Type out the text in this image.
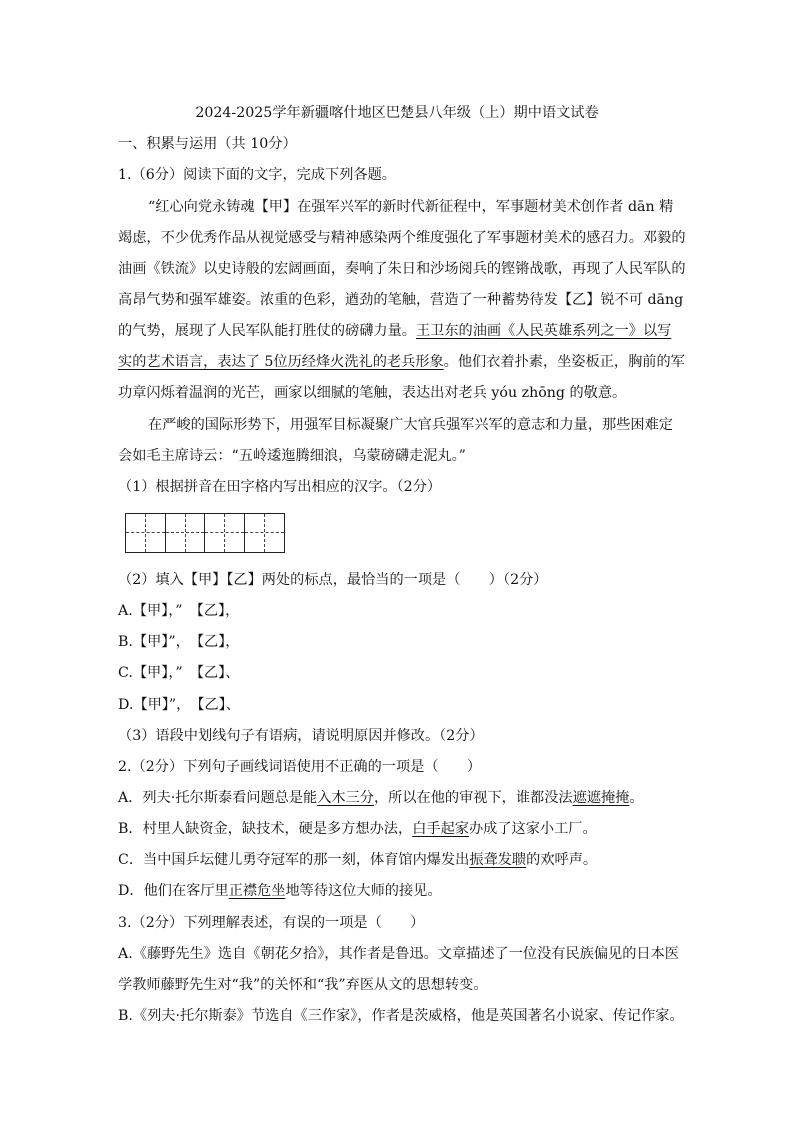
2024-2025学年新疆喀什地区巴楚县八年级（上）期中语文试卷
一、积累与运用（共 10分）
1.（6分）阅读下面的文字，完成下列各题。
“红心向党永铸魂【甲】在强军兴军的新时代新征程中，军事题材美术创作者 dān 精
竭虑，不少优秀作品从视觉感受与精神感染两个维度强化了军事题材美术的感召力。邓毅的
油画《铁流》以史诗般的宏阔画面，奏响了朱日和沙场阅兵的铿锵战歌，再现了人民军队的
高昂气势和强军雄姿。浓重的色彩，遒劲的笔触，营造了一种蓄势待发【乙】锐不可 dāng
的气势，展现了人民军队能打胜仗的磅礴力量。王卫东的油画《人民英雄系列之一》以写
实的艺术语言，表达了 5位历经烽火洗礼的老兵形象。他们衣着扑素，坐姿板正，胸前的军
功章闪烁着温润的光芒，画家以细腻的笔触，表达出对老兵 yóu zhōng 的敬意。
在严峻的国际形势下，用强军目标凝聚广大官兵强军兴军的意志和力量，那些困难定
会如毛主席诗云：“五岭逶迤腾细浪，乌蒙磅礴走泥丸。”
（1）根据拼音在田字格内写出相应的汉字。（2分）
（2）填入【甲】【乙】两处的标点，最恰当的一项是（　　）（2分）
A.【甲】，”　【乙】，
B.【甲】”，　【乙】，
C.【甲】，”　【乙】、
D.【甲】”，　【乙】、
（3）语段中划线句子有语病，请说明原因并修改。（2分）
2.（2分）下列句子画线词语使用不正确的一项是（　　）
A．列夫·托尔斯泰看问题总是能入木三分，所以在他的审视下，谁都没法遮遮掩掩。
B．村里人缺资金，缺技术，硬是多方想办法，白手起家办成了这家小工厂。
C．当中国乒坛健儿勇夺冠军的那一刻，体育馆内爆发出振聋发聩的欢呼声。
D．他们在客厅里正襟危坐地等待这位大师的接见。
3.（2分）下列理解表述，有误的一项是（　　）
A.《藤野先生》选自《朝花夕拾》，其作者是鲁迅。文章描述了一位没有民族偏见的日本医
学教师藤野先生对“我”的关怀和“我”弃医从文的思想转变。
B.《列夫·托尔斯泰》节选自《三作家》，作者是茨威格，他是英国著名小说家、传记作家。
